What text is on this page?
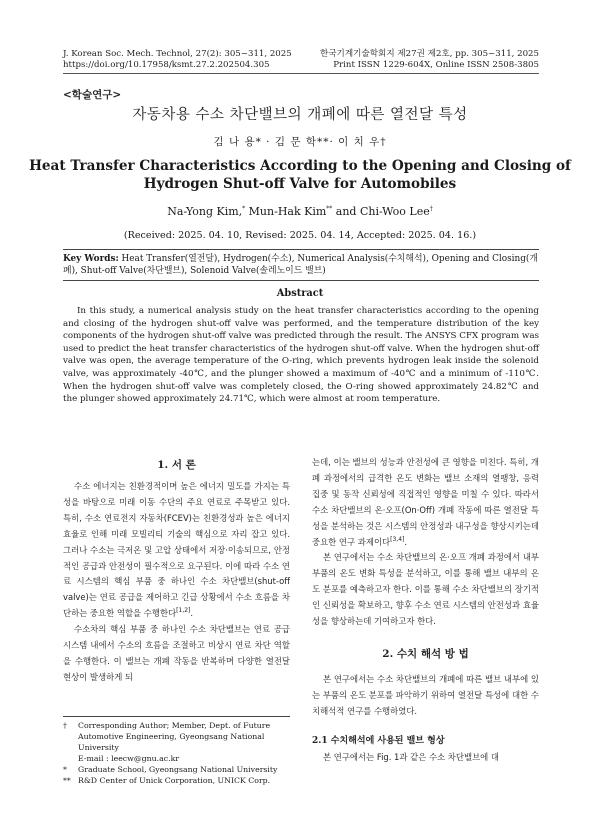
J. Korean Soc. Mech. Technol, 27(2): 305~311, 2025
https://doi.org/10.17958/ksmt.27.2.202504.305
한국기계기술학회지 제27권 제2호, pp. 305~311, 2025
Print ISSN 1229-604X, Online ISSN 2508-3805
<학술연구>
자동차용 수소 차단밸브의 개폐에 따른 열전달 특성
김 나 용* · 김 문 학**· 이 치 우†
Heat Transfer Characteristics According to the Opening and Closing of
Hydrogen Shut-off Valve for Automobiles
Na-Yong Kim,* Mun-Hak Kim** and Chi-Woo Lee†
(Received: 2025. 04. 10, Revised: 2025. 04. 14, Accepted: 2025. 04. 16.)
Key Words: Heat Transfer(열전달), Hydrogen(수소), Numerical Analysis(수치해석), Opening and Closing(개폐), Shut-off Valve(차단밸브), Solenoid Valve(솔레노이드 밸브)
Abstract
In this study, a numerical analysis study on the heat transfer characteristics according to the opening and closing of the hydrogen shut-off valve was performed, and the temperature distribution of the key components of the hydrogen shut-off valve was predicted through the result. The ANSYS CFX program was used to predict the heat transfer characteristics of the hydrogen shut-off valve. When the hydrogen shut-off valve was open, the average temperature of the O-ring, which prevents hydrogen leak inside the solenoid valve, was approximately -40℃, and the plunger showed a maximum of -40℃ and a minimum of -110℃. When the hydrogen shut-off valve was completely closed, the O-ring showed approximately 24.82℃ and the plunger showed approximately 24.71℃, which were almost at room temperature.
1. 서 론

수소 에너지는 친환경적이며 높은 에너지 밀도를 가지는 특성을 바탕으로 미래 이동 수단의 주요 연료로 주목받고 있다. 특히, 수소 연료전지 자동차(FCEV)는 친환경성과 높은 에너지 효율로 인해 미래 모빌리티 기술의 핵심으로 자리 잡고 있다. 그러나 수소는 극저온 및 고압 상태에서 저장·이송되므로, 안정적인 공급과 안전성이 필수적으로 요구된다. 이에 따라 수소 연료 시스템의 핵심 부품 중 하나인 수소 차단밸브(shut-off valve)는 연료 공급을 제어하고 긴급 상황에서 수소 흐름을 차단하는 중요한 역할을 수행한다[1,2].

수소차의 핵심 부품 중 하나인 수소 차단밸브는 연료 공급 시스템 내에서 수소의 흐름을 조절하고 비상시 연료 차단 역할을 수행한다. 이 밸브는 개폐 작동을 반복하며 다양한 열전달 현상이 발생하게 되

† Corresponding Author; Member, Dept. of Future Automotive Engineering, Gyeongsang National University
E-mail : leecw@gnu.ac.kr
* Graduate School, Gyeongsang National University
** R&D Center of Unick Corporation, UNICK Corp.

는데, 이는 밸브의 성능과 안전성에 큰 영향을 미친다. 특히, 개폐 과정에서의 급격한 온도 변화는 밸브 소재의 열팽창, 응력 집중 및 동작 신뢰성에 직접적인 영향을 미칠 수 있다. 따라서 수소 차단밸브의 온·오프(On·Off) 개폐 작동에 따른 열전달 특성을 분석하는 것은 시스템의 안정성과 내구성을 향상시키는데 중요한 연구 과제이다[3,4].

본 연구에서는 수소 차단밸브의 온·오프 개폐 과정에서 내부 부품의 온도 변화 특성을 분석하고, 이를 통해 밸브 내부의 온도 분포를 예측하고자 한다. 이를 통해 수소 차단밸브의 장기적인 신뢰성을 확보하고, 향후 수소 연료 시스템의 안전성과 효율성을 향상하는데 기여하고자 한다.

2. 수치 해석 방 법

본 연구에서는 수소 차단밸브의 개폐에 따른 밸브 내부에 있는 부품의 온도 분포를 파악하기 위하여 열전달 특성에 대한 수치해석적 연구를 수행하였다.

2.1 수치해석에 사용된 밸브 형상

본 연구에서는 Fig. 1과 같은 수소 차단밸브에 대
